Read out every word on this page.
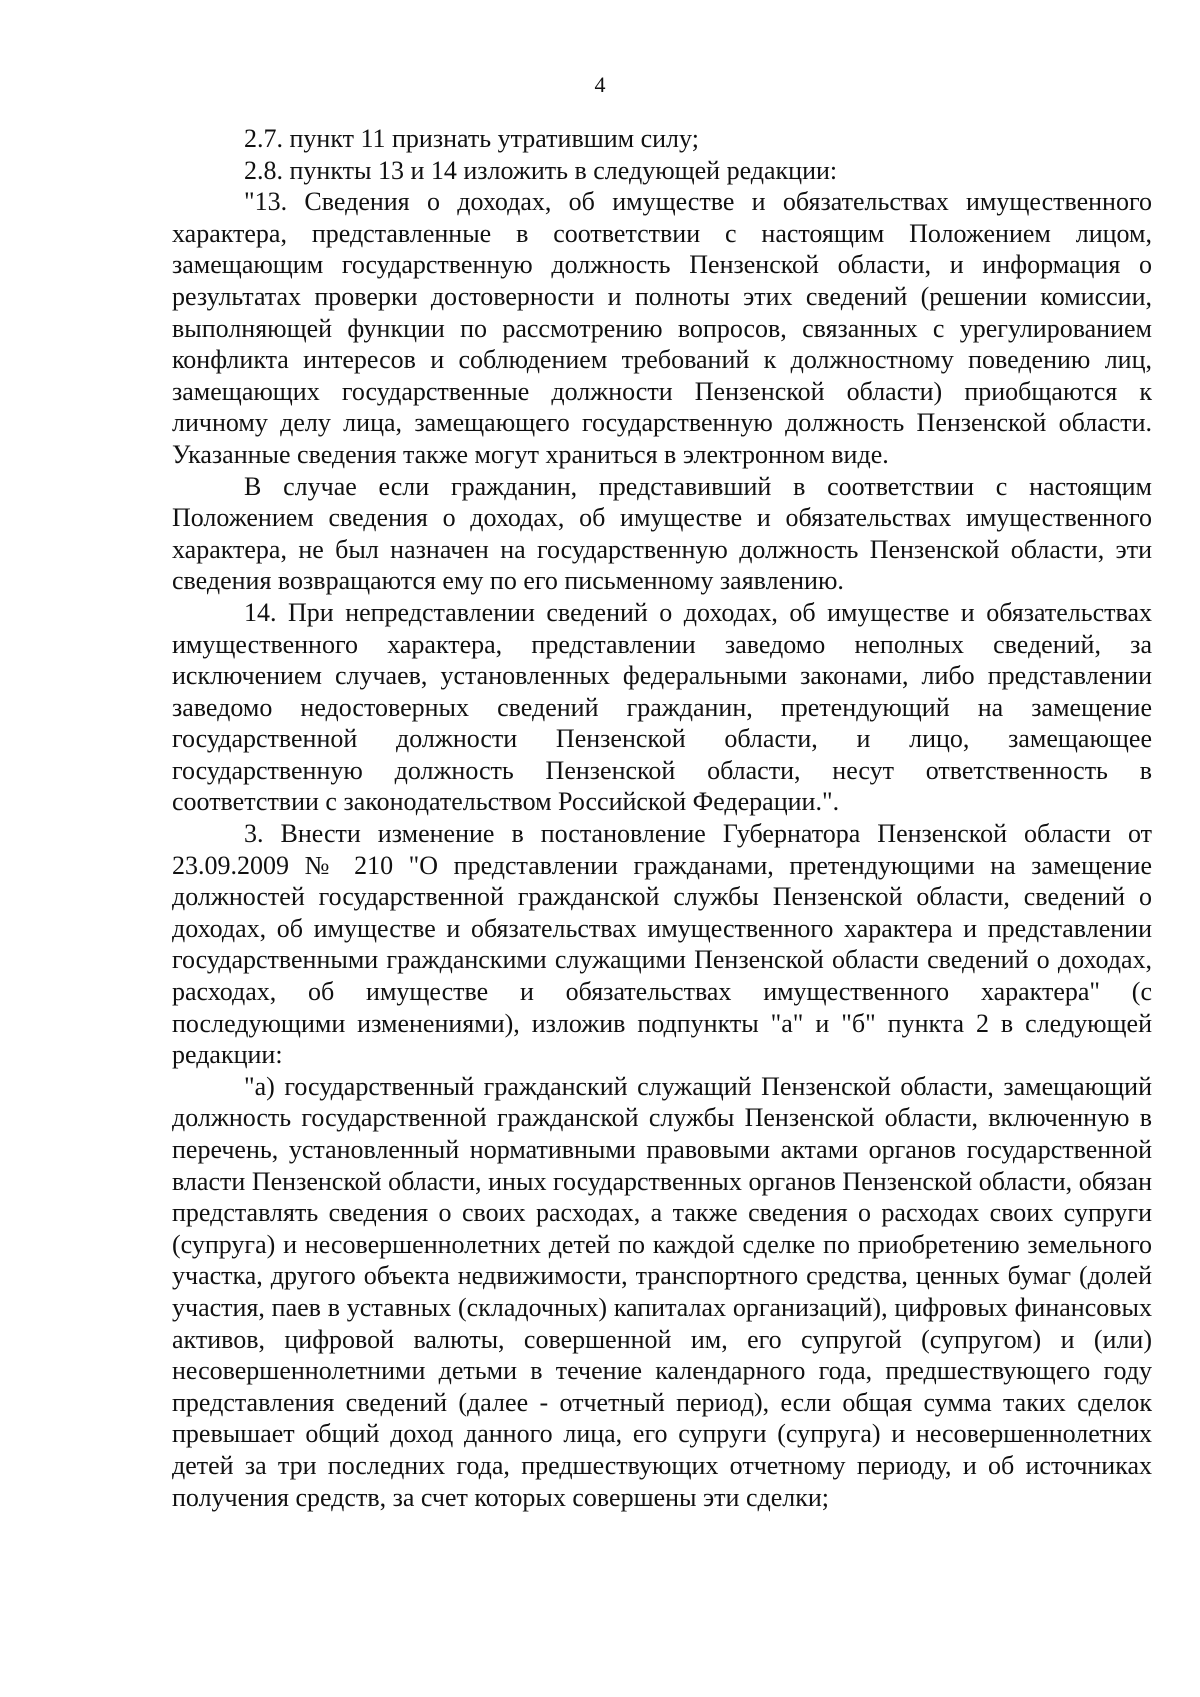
4

2.7. пункт 11 признать утратившим силу;

2.8. пункты 13 и 14 изложить в следующей редакции:

"13. Сведения о доходах, об имуществе и обязательствах имущественного характера, представленные в соответствии с настоящим Положением лицом, замещающим государственную должность Пензенской области, и информация о результатах проверки достоверности и полноты этих сведений (решении комиссии, выполняющей функции по рассмотрению вопросов, связанных с урегулированием конфликта интересов и соблюдением требований к должностному поведению лиц, замещающих государственные должности Пензенской области) приобщаются к личному делу лица, замещающего государственную должность Пензенской области. Указанные сведения также могут храниться в электронном виде.

В случае если гражданин, представивший в соответствии с настоящим Положением сведения о доходах, об имуществе и обязательствах имущественного характера, не был назначен на государственную должность Пензенской области, эти сведения возвращаются ему по его письменному заявлению.

14. При непредставлении сведений о доходах, об имуществе и обязательствах имущественного характера, представлении заведомо неполных сведений, за исключением случаев, установленных федеральными законами, либо представлении заведомо недостоверных сведений гражданин, претендующий на замещение государственной должности Пензенской области, и лицо, замещающее государственную должность Пензенской области, несут ответственность в соответствии с законодательством Российской Федерации.".

3. Внести изменение в постановление Губернатора Пензенской области от 23.09.2009 № 210 "О представлении гражданами, претендующими на замещение должностей государственной гражданской службы Пензенской области, сведений о доходах, об имуществе и обязательствах имущественного характера и представлении государственными гражданскими служащими Пензенской области сведений о доходах, расходах, об имуществе и обязательствах имущественного характера" (с последующими изменениями), изложив подпункты "а" и "б" пункта 2 в следующей редакции:

"а) государственный гражданский служащий Пензенской области, замещающий должность государственной гражданской службы Пензенской области, включенную в перечень, установленный нормативными правовыми актами органов государственной власти Пензенской области, иных государственных органов Пензенской области, обязан представлять сведения о своих расходах, а также сведения о расходах своих супруги (супруга) и несовершеннолетних детей по каждой сделке по приобретению земельного участка, другого объекта недвижимости, транспортного средства, ценных бумаг (долей участия, паев в уставных (складочных) капиталах организаций), цифровых финансовых активов, цифровой валюты, совершенной им, его супругой (супругом) и (или) несовершеннолетними детьми в течение календарного года, предшествующего году представления сведений (далее - отчетный период), если общая сумма таких сделок превышает общий доход данного лица, его супруги (супруга) и несовершеннолетних детей за три последних года, предшествующих отчетному периоду, и об источниках получения средств, за счет которых совершены эти сделки;
